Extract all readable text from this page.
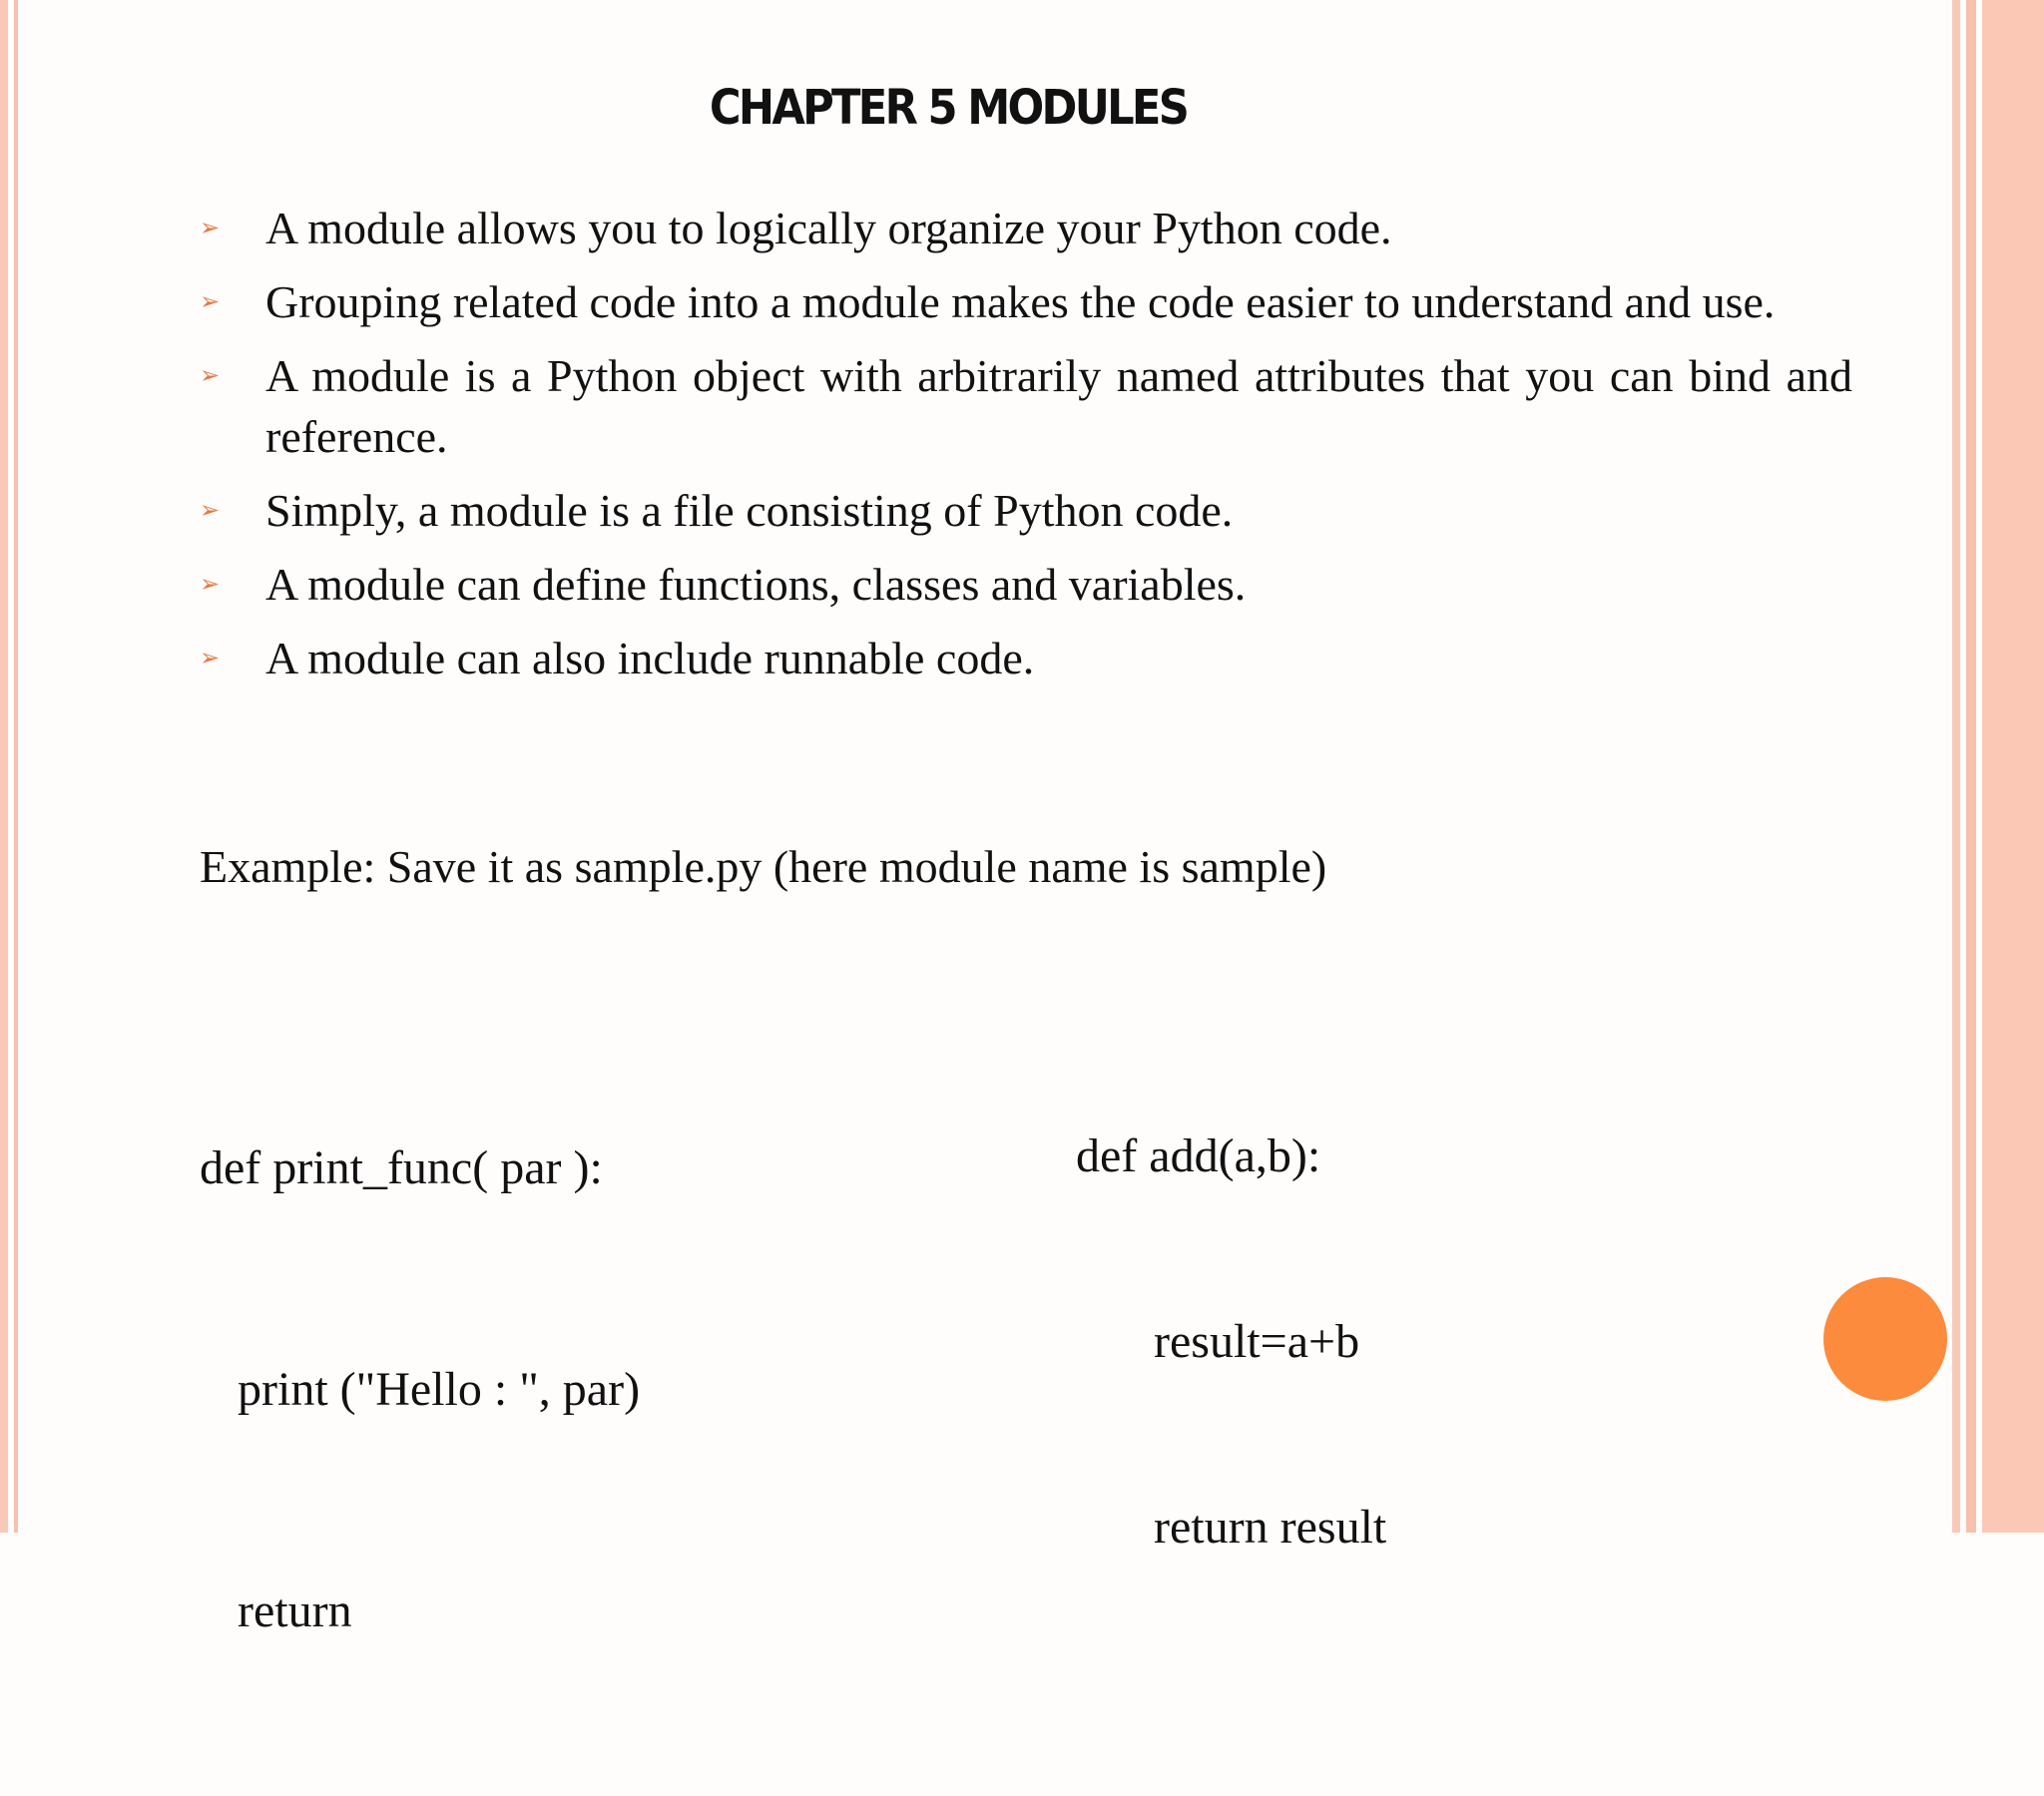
CHAPTER 5 MODULES
➢ A module allows you to logically organize your Python code.
➢ Grouping related code into a module makes the code easier to understand and use.
➢ A module is a Python object with arbitrarily named attributes that you can bind and reference.
➢ Simply, a module is a file consisting of Python code.
➢ A module can define functions, classes and variables.
➢ A module can also include runnable code.
Example: Save it as sample.py (here module name is sample)

def print_func( par ):

print ("Hello : ", par)

return

def add(a,b):

result=a+b

return result
